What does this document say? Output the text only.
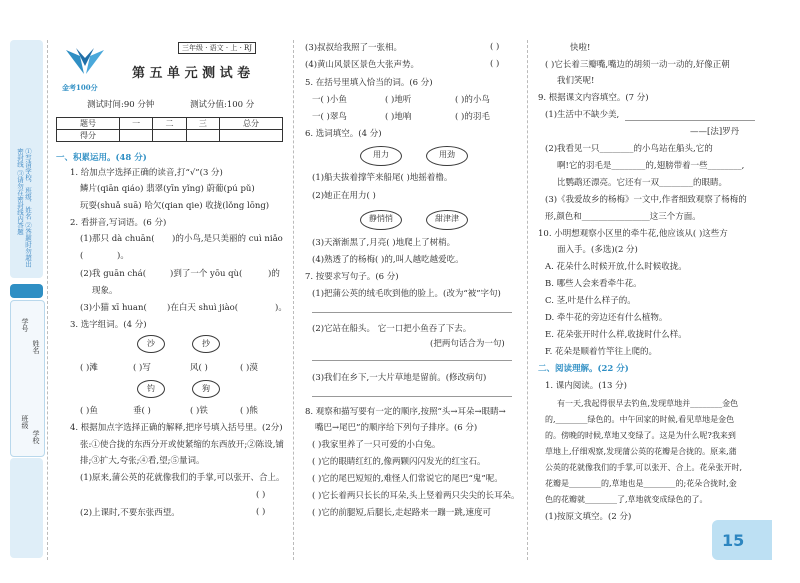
①写清学校、班级、姓名 ②答题时勿超出密封线 ③请勿在密封线内答题
学号
姓名
班级
学校
金考100分
三年级 · 语文 · 上 · RJ
第 五 单 元 测 试 卷
测试时间:90 分钟	测试分值:100 分
题号	一	二	三	总分
得分				
一、积累运用。(48 分)
1. 给加点字选择正确的读音,打“√”(3 分)
鳞片(qiān qiáo) 翡翠(yīn yǐng) 蔚葡(pú pǔ)
玩耍(shuǎ suā) 哈欠(qian qie) 收拢(lǒng lōng)
2. 看拼音,写词语。(6 分)
(1)那只 dà chuān( )的小鸟,是只美丽的 cuì niǎo
(	)。
(2)我 guān chá(	)到了一个 yōu qù(	)的
现象。
(3)小猫 xī huan( )在白天 shuì jiào(	)。
3. 选字组词。(4 分)
沙	抄
( )滩	( )写	风( )	( )漠
钓	狗
( )鱼	垂( )	( )铁	( )熊
4. 根据加点字选择正确的解释,把序号填入括号里。(2分)
张:①使合拢的东西分开或使紧缩的东西放开;②陈设,铺
排;③扩大,夸张;④看,望;⑤量词。
(1)原来,蒲公英的花就像我们的手掌,可以张开、合上。
( )
(2)上课时,不要东张西望。	( )
(3)叔叔给我照了一张相。	( )
(4)黄山风景区景色大张声势。	( )
5. 在括号里填入恰当的词。(6 分)
一( )小鱼	( )地听	( )的小鸟
一( )翠鸟	( )地响	( )的羽毛
6. 选词填空。(4 分)
用力	用劲
(1)船夫拔着撑竿来船尾( )地摇着橹。
(2)她正在用力( )
静悄悄	甜津津
(3)天渐渐黑了,月亮( )地爬上了树梢。
(4)熟透了的杨梅( )的,叫人越吃越爱吃。
7. 按要求写句子。(6 分)
(1)把蒲公英的绒毛吹到他的脸上。(改为“被”字句)
(2)它站在船头。 它一口把小鱼吞了下去。
(把两句话合为一句)
(3)我们在乡下,一大片草地是留前。(修改病句)
8. 观察和描写要有一定的顺序,按照“头→耳朵→眼睛→
嘴巴→尾巴”的顺序给下列句子排序。(6 分)
( )我家里养了一只可爱的小白兔。
( )它的眼睛红红的,像两颗闪闪发光的红宝石。
( )它的尾巴短短的,难怪人们常说它的尾巴“鬼”呢。
( )它长着两只长长的耳朵,头上竖着两只尖尖的长耳朵。
( )它的前腿短,后腿长,走起路来一蹦一跳,速度可
快啦!
( )它长着三瓣嘴,嘴边的胡须一动一动的,好像正朝
我们笑呢!
9. 根据课文内容填空。(7 分)
(1)生活中不缺少美,
——[法]罗丹
(2)我看见一只________的小鸟站在船头,它的
啊!它的羽毛是________的,翅膀带着一些________,
比鹦鹉还漂亮。它还有一双________的眼睛。
(3)《我爱故乡的杨梅》一文中,作者细致观察了杨梅的
形,颜色和________________这三个方面。
10. 小明想观察小区里的牵牛花,他应该从( )这些方
面入手。(多选)(2 分)
A. 花朵什么时候开放,什么时候收拢。
B. 哪些人会来看牵牛花。
C. 茎,叶是什么样子的。
D. 牵牛花的旁边还有什么植物。
E. 花朵张开时什么样,收拢时什么样。
F. 花朵是顺着竹竿往上爬的。
二、阅读理解。(22 分)
1. 课内阅读。(13 分)
有一天,我起得很早去钓鱼,发现草地并________金色
的,________绿色的。中午回家的时候,看见草地是金色
的。傍晚的时候,草地又变绿了。这是为什么呢?我来到
草地上,仔细观察,发现蒲公英的花瓣是合拢的。原来,蒲
公英的花就像我们的手掌,可以张开、合上。花朵张开时,
花瓣是________的,草地也是________的;花朵合拢时,金
色的花瓣就________了,草地就变成绿色的了。
(1)按原文填空。(2 分)
15
